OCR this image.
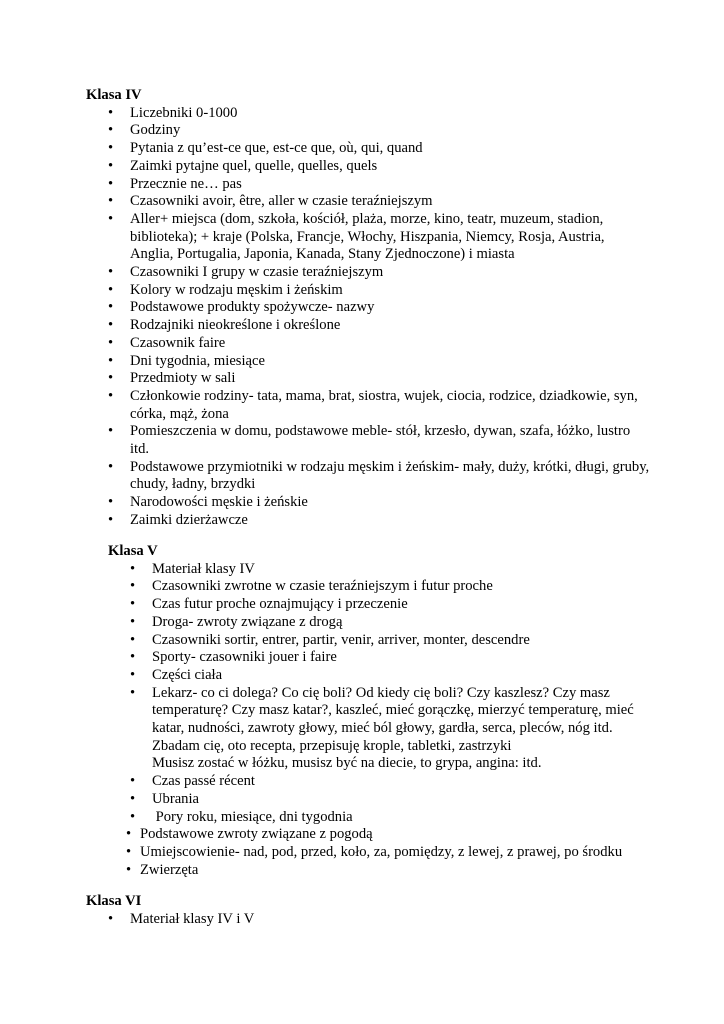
Klasa IV
• Liczebniki 0-1000
• Godziny
• Pytania z qu’est-ce que, est-ce que, où, qui, quand
• Zaimki pytajne quel, quelle, quelles, quels
• Przecznie ne… pas
• Czasowniki avoir, être, aller w czasie teraźniejszym
• Aller+ miejsca (dom, szkoła, kościół, plaża, morze, kino, teatr, muzeum, stadion, biblioteka); + kraje (Polska, Francje, Włochy, Hiszpania, Niemcy, Rosja, Austria, Anglia, Portugalia, Japonia, Kanada, Stany Zjednoczone) i miasta
• Czasowniki I grupy w czasie teraźniejszym
• Kolory w rodzaju męskim i żeńskim
• Podstawowe produkty spożywcze- nazwy
• Rodzajniki nieokreślone i określone
• Czasownik faire
• Dni tygodnia, miesiące
• Przedmioty w sali
• Członkowie rodziny- tata, mama, brat, siostra, wujek, ciocia, rodzice, dziadkowie, syn, córka, mąż, żona
• Pomieszczenia w domu, podstawowe meble- stół, krzesło, dywan, szafa, łóżko, lustro itd.
• Podstawowe przymiotniki w rodzaju męskim i żeńskim- mały, duży, krótki, długi, gruby, chudy, ładny, brzydki
• Narodowości męskie i żeńskie
• Zaimki dzierżawcze
Klasa V
• Materiał klasy IV
• Czasowniki zwrotne w czasie teraźniejszym i futur proche
• Czas futur proche oznajmujący i przeczenie
• Droga- zwroty związane z drogą
• Czasowniki sortir, entrer, partir, venir, arriver, monter, descendre
• Sporty- czasowniki jouer i faire
• Części ciała
• Lekarz- co ci dolega? Co cię boli? Od kiedy cię boli? Czy kaszlesz? Czy masz temperaturę? Czy masz katar?, kaszleć, mieć gorączkę, mierzyć temperaturę, mieć katar, nudności, zawroty głowy, mieć ból głowy, gardła, serca, pleców, nóg itd.
Zbadam cię, oto recepta, przepisuję krople, tabletki, zastrzyki
Musisz zostać w łóżku, musisz być na diecie, to grypa, angina: itd.
• Czas passé récent
• Ubrania
• Pory roku, miesiące, dni tygodnia
• Podstawowe zwroty związane z pogodą
• Umiejscowienie- nad, pod, przed, koło, za, pomiędzy, z lewej, z prawej, po środku
• Zwierzęta
Klasa VI
• Materiał klasy IV i V
